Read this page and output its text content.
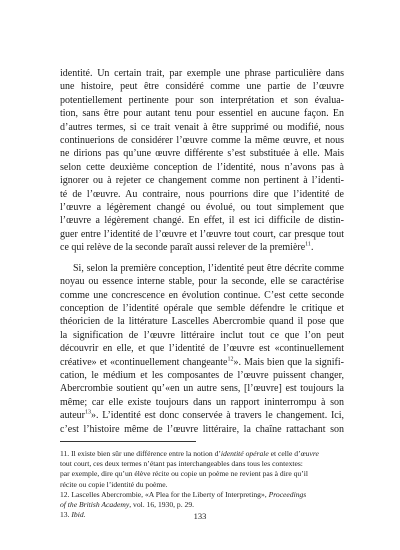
identité. Un certain trait, par exemple une phrase particulière dans
une histoire, peut être considéré comme une partie de l’œuvre
potentiellement pertinente pour son interprétation et son évalua-
tion, sans être pour autant tenu pour essentiel en aucune façon. En
d’autres termes, si ce trait venait à être supprimé ou modifié, nous
continuerions de considérer l’œuvre comme la même œuvre, et nous
ne dirions pas qu’une œuvre différente s’est substituée à elle. Mais
selon cette deuxième conception de l’identité, nous n’avons pas à
ignorer ou à rejeter ce changement comme non pertinent à l’identi-
té de l’œuvre. Au contraire, nous pourrions dire que l’identité de
l’œuvre a légèrement changé ou évolué, ou tout simplement que
l’œuvre a légèrement changé. En effet, il est ici difficile de distin-
guer entre l’identité de l’œuvre et l’œuvre tout court, car presque tout
ce qui relève de la seconde paraît aussi relever de la première$^{11}$.
Si, selon la première conception, l’identité peut être décrite comme
noyau ou essence interne stable, pour la seconde, elle se caractérise
comme une concrescence en évolution continue. C’est cette seconde
conception de l’identité opérale que semble défendre le critique et
théoricien de la littérature Lascelles Abercrombie quand il pose que
la signification de l’œuvre littéraire inclut tout ce que l’on peut
découvrir en elle, et que l’identité de l’œuvre est «continuellement
créative» et «continuellement changeante$^{12}$». Mais bien que la signifi-
cation, le médium et les composantes de l’œuvre puissent changer,
Abercrombie soutient qu’«en un autre sens, [l’œuvre] est toujours la
même; car elle existe toujours dans un rapport ininterrompu à son
auteur$^{13}$». L’identité est donc conservée à travers le changement. Ici,
c’est l’histoire même de l’œuvre littéraire, la chaîne rattachant son
11. Il existe bien sûr une différence entre la notion d’identité opérale et celle d’œuvre
tout court, ces deux termes n’étant pas interchangeables dans tous les contextes:
par exemple, dire qu’un élève récite ou copie un poème ne revient pas à dire qu’il
récite ou copie l’identité du poème.
12. Lascelles Abercrombie, «A Plea for the Liberty of Interpreting», Proceedings
of the British Academy, vol. 16, 1930, p. 29.
13. Ibid.	133
